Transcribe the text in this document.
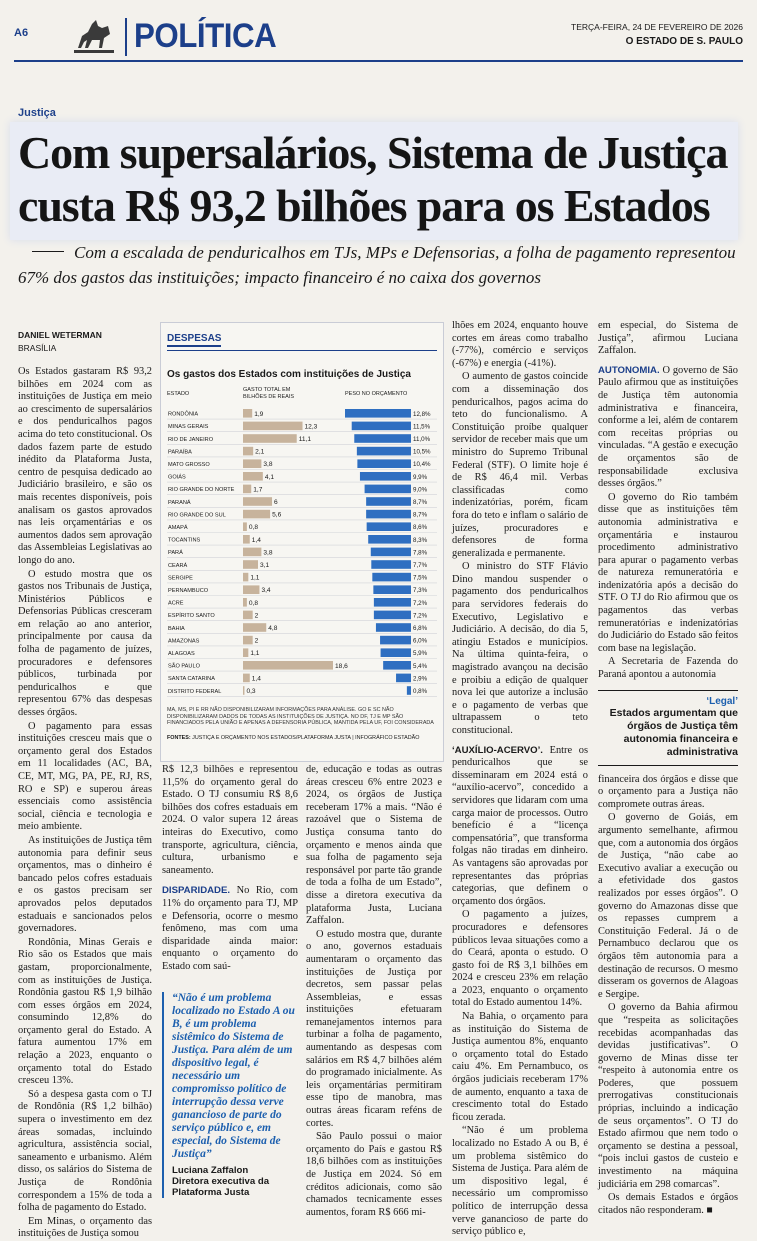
A6	POLÍTICA	TERÇA-FEIRA, 24 DE FEVEREIRO DE 2026
O ESTADO DE S. PAULO
Justiça
Com supersalários, Sistema de Justiça
custa R$ 93,2 bilhões para os Estados
Com a escalada de penduricalhos em TJs, MPs e Defensorias, a folha de pagamento representou 67% dos gastos das instituições; impacto financeiro é no caixa dos governos
DANIEL WETERMAN
BRASÍLIA

Os Estados gastaram R$ 93,2 bilhões em 2024 com as instituições de Justiça em meio ao crescimento de supersalários e dos penduricalhos pagos acima do teto constitucional. Os dados fazem parte de estudo inédito da Plataforma Justa, centro de pesquisa dedicado ao Judiciário brasileiro, e são os mais recentes disponíveis, pois analisam os gastos aprovados nas leis orçamentárias e os aumentos dados sem aprovação das Assembleias Legislativas ao longo do ano.

O estudo mostra que os gastos nos Tribunais de Justiça, Ministérios Públicos e Defensorias Públicas cresceram em relação ao ano anterior, principalmente por causa da folha de pagamento de juízes, procuradores e defensores públicos, turbinada por penduricalhos e que representou 67% das despesas desses órgãos.

O pagamento para essas instituições cresceu mais que o orçamento geral dos Estados em 11 localidades (AC, BA, CE, MT, MG, PA, PE, RJ, RS, RO e SP) e superou áreas essenciais como assistência social, ciência e tecnologia e meio ambiente.

As instituições de Justiça têm autonomia para definir seus orçamentos, mas o dinheiro é bancado pelos cofres estaduais e os gastos precisam ser aprovados pelos deputados estaduais e sancionados pelos governadores.

Rondônia, Minas Gerais e Rio são os Estados que mais gastam, proporcionalmente, com as instituições de Justiça. Rondônia gastou R$ 1,9 bilhão com esses órgãos em 2024, consumindo 12,8% do orçamento geral do Estado. A fatura aumentou 17% em relação a 2023, enquanto o orçamento total do Estado cresceu 13%.

Só a despesa gasta com o TJ de Rondônia (R$ 1,2 bilhão) supera o investimento em dez áreas somadas, incluindo agricultura, assistência social, saneamento e urbanismo. Além disso, os salários do Sistema de Justiça de Rondônia correspondem a 15% de toda a folha de pagamento do Estado.

Em Minas, o orçamento das instituições de Justiça somou

DESPESAS
Os gastos dos Estados com instituições de Justiça
ESTADO
GASTO TOTAL EM BILHÕES DE REAIS	PESO NO ORÇAMENTO
RONDÔNIA	1,9	12,8%
MINAS GERAIS	12,3	11,5%
RIO DE JANEIRO	11,1	11,0%
PARAÍBA	2,1	10,5%
MATO GROSSO	3,8	10,4%
GOIÁS	4,1	9,9%
RIO GRANDE DO NORTE	1,7	9,0%
PARANÁ	6	8,7%
RIO GRANDE DO SUL	5,6	8,7%
AMAPÁ	0,8	8,6%
TOCANTINS	1,4	8,3%
PARÁ	3,8	7,8%
CEARÁ	3,1	7,7%
SERGIPE	1,1	7,5%
PERNAMBUCO	3,4	7,3%
ACRE	0,8	7,2%
ESPÍRITO SANTO	2	7,2%
BAHIA	4,8	6,8%
AMAZONAS	2	6,0%
ALAGOAS	1,1	5,9%
SÃO PAULO	18,6	5,4%
SANTA CATARINA	1,4	2,9%
DISTRITO FEDERAL	0,3	0,8%
MA, MS, PI E RR NÃO DISPONIBILIZARAM INFORMAÇÕES PARA ANÁLISE. GO E SC NÃO DISPONIBILIZARAM DADOS DE TODAS AS INSTITUIÇÕES DE JUSTIÇA. NO DF, TJ E MP SÃO FINANCIADOS PELA UNIÃO E APENAS A DEFENSORIA PÚBLICA, MANTIDA PELA UF, FOI CONSIDERADA
FONTES: JUSTIÇA E ORÇAMENTO NOS ESTADOS/PLATAFORMA JUSTA | INFOGRÁFICO ESTADÃO

R$ 12,3 bilhões e representou 11,5% do orçamento geral do Estado. O TJ consumiu R$ 8,6 bilhões dos cofres estaduais em 2024. O valor supera 12 áreas inteiras do Executivo, como transporte, agricultura, ciência, cultura, urbanismo e saneamento.

DISPARIDADE. No Rio, com 11% do orçamento para TJ, MP e Defensoria, ocorre o mesmo fenômeno, mas com uma disparidade ainda maior: enquanto o orçamento do Estado com saú-

“Não é um problema localizado no Estado A ou B, é um problema sistêmico do Sistema de Justiça. Para além de um dispositivo legal, é necessário um compromisso político de interrupção dessa verve ganancioso de parte do serviço público e, em especial, do Sistema de Justiça”

Luciana Zaffalon
Diretora executiva da Plataforma Justa

de, educação e todas as outras áreas cresceu 6% entre 2023 e 2024, os órgãos de Justiça receberam 17% a mais. “Não é razoável que o Sistema de Justiça consuma tanto do orçamento e menos ainda que sua folha de pagamento seja responsável por parte tão grande de toda a folha de um Estado”, disse a diretora executiva da plataforma Justa, Luciana Zaffalon.

O estudo mostra que, durante o ano, governos estaduais aumentaram o orçamento das instituições de Justiça por decretos, sem passar pelas Assembleias, e essas instituições efetuaram remanejamentos internos para turbinar a folha de pagamento, aumentando as despesas com salários em R$ 4,7 bilhões além do programado inicialmente. As leis orçamentárias permitiram esse tipo de manobra, mas outras áreas ficaram reféns de cortes.

São Paulo possui o maior orçamento do País e gastou R$ 18,6 bilhões com as instituições de Justiça em 2024. Só em créditos adicionais, como são chamados tecnicamente esses aumentos, foram R$ 666 mi-

lhões em 2024, enquanto houve cortes em áreas como trabalho (-77%), comércio e serviços (-67%) e energia (-41%).

O aumento de gastos coincide com a disseminação dos penduricalhos, pagos acima do teto do funcionalismo. A Constituição proíbe qualquer servidor de receber mais que um ministro do Supremo Tribunal Federal (STF). O limite hoje é de R$ 46,4 mil. Verbas classificadas como indenizatórias, porém, ficam fora do teto e inflam o salário de juízes, procuradores e defensores de forma generalizada e permanente.

O ministro do STF Flávio Dino mandou suspender o pagamento dos penduricalhos para servidores federais do Executivo, Legislativo e Judiciário. A decisão, do dia 5, atingiu Estados e municípios. Na última quinta-feira, o magistrado avançou na decisão e proibiu a edição de qualquer nova lei que autorize a inclusão e o pagamento de verbas que ultrapassem o teto constitucional.

‘AUXÍLIO-ACERVO’. Entre os penduricalhos que se disseminaram em 2024 está o “auxílio-acervo”, concedido a servidores que lidaram com uma carga maior de processos. Outro benefício é a “licença compensatória”, que transforma folgas não tiradas em dinheiro. As vantagens são aprovadas por representantes das próprias categorias, que definem o orçamento dos órgãos.

O pagamento a juízes, procuradores e defensores públicos levaa situações como a do Ceará, aponta o estudo. O gasto foi de R$ 3,1 bilhões em 2024 e cresceu 23% em relação a 2023, enquanto o orçamento total do Estado aumentou 14%.

Na Bahia, o orçamento para as instituição do Sistema de Justiça aumentou 8%, enquanto o orçamento total do Estado caiu 4%. Em Pernambuco, os órgãos judiciais receberam 17% de aumento, enquanto a taxa de crescimento total do Estado ficou zerada.

“Não é um problema localizado no Estado A ou B, é um problema sistêmico do Sistema de Justiça. Para além de um dispositivo legal, é necessário um compromisso político de interrupção dessa verve ganancioso de parte do serviço público e,

em especial, do Sistema de Justiça”, afirmou Luciana Zaffalon.

AUTONOMIA. O governo de São Paulo afirmou que as instituições de Justiça têm autonomia administrativa e financeira, conforme a lei, além de contarem com receitas próprias ou vinculadas. “A gestão e execução de orçamentos são de responsabilidade exclusiva desses órgãos.”

O governo do Rio também disse que as instituições têm autonomia administrativa e orçamentária e instaurou procedimento administrativo para apurar o pagamento verbas de natureza remuneratória e indenizatória após a decisão do STF. O TJ do Rio afirmou que os pagamentos das verbas remuneratórias e indenizatórias do Judiciário do Estado são feitos com base na legislação.

A Secretaria de Fazenda do Paraná apontou a autonomia

‘Legal’
Estados argumentam que órgãos de Justiça têm autonomia financeira e administrativa

financeira dos órgãos e disse que o orçamento para a Justiça não compromete outras áreas.

O governo de Goiás, em argumento semelhante, afirmou que, com a autonomia dos órgãos de Justiça, “não cabe ao Executivo avaliar a execução ou a efetividade dos gastos realizados por esses órgãos”. O governo do Amazonas disse que os repasses cumprem a Constituição Federal. Já o de Pernambuco declarou que os órgãos têm autonomia para a destinação de recursos. O mesmo disseram os governos de Alagoas e Sergipe.

O governo da Bahia afirmou que “respeita as solicitações recebidas acompanhadas das devidas justificativas”. O governo de Minas disse ter “respeito à autonomia entre os Poderes, que possuem prerrogativas constitucionais próprias, incluindo a indicação de seus orçamentos”. O TJ do Estado afirmou que nem todo o orçamento se destina a pessoal, “pois inclui gastos de custeio e investimento na máquina judiciária em 298 comarcas”.

Os demais Estados e órgãos citados não responderam. ■
